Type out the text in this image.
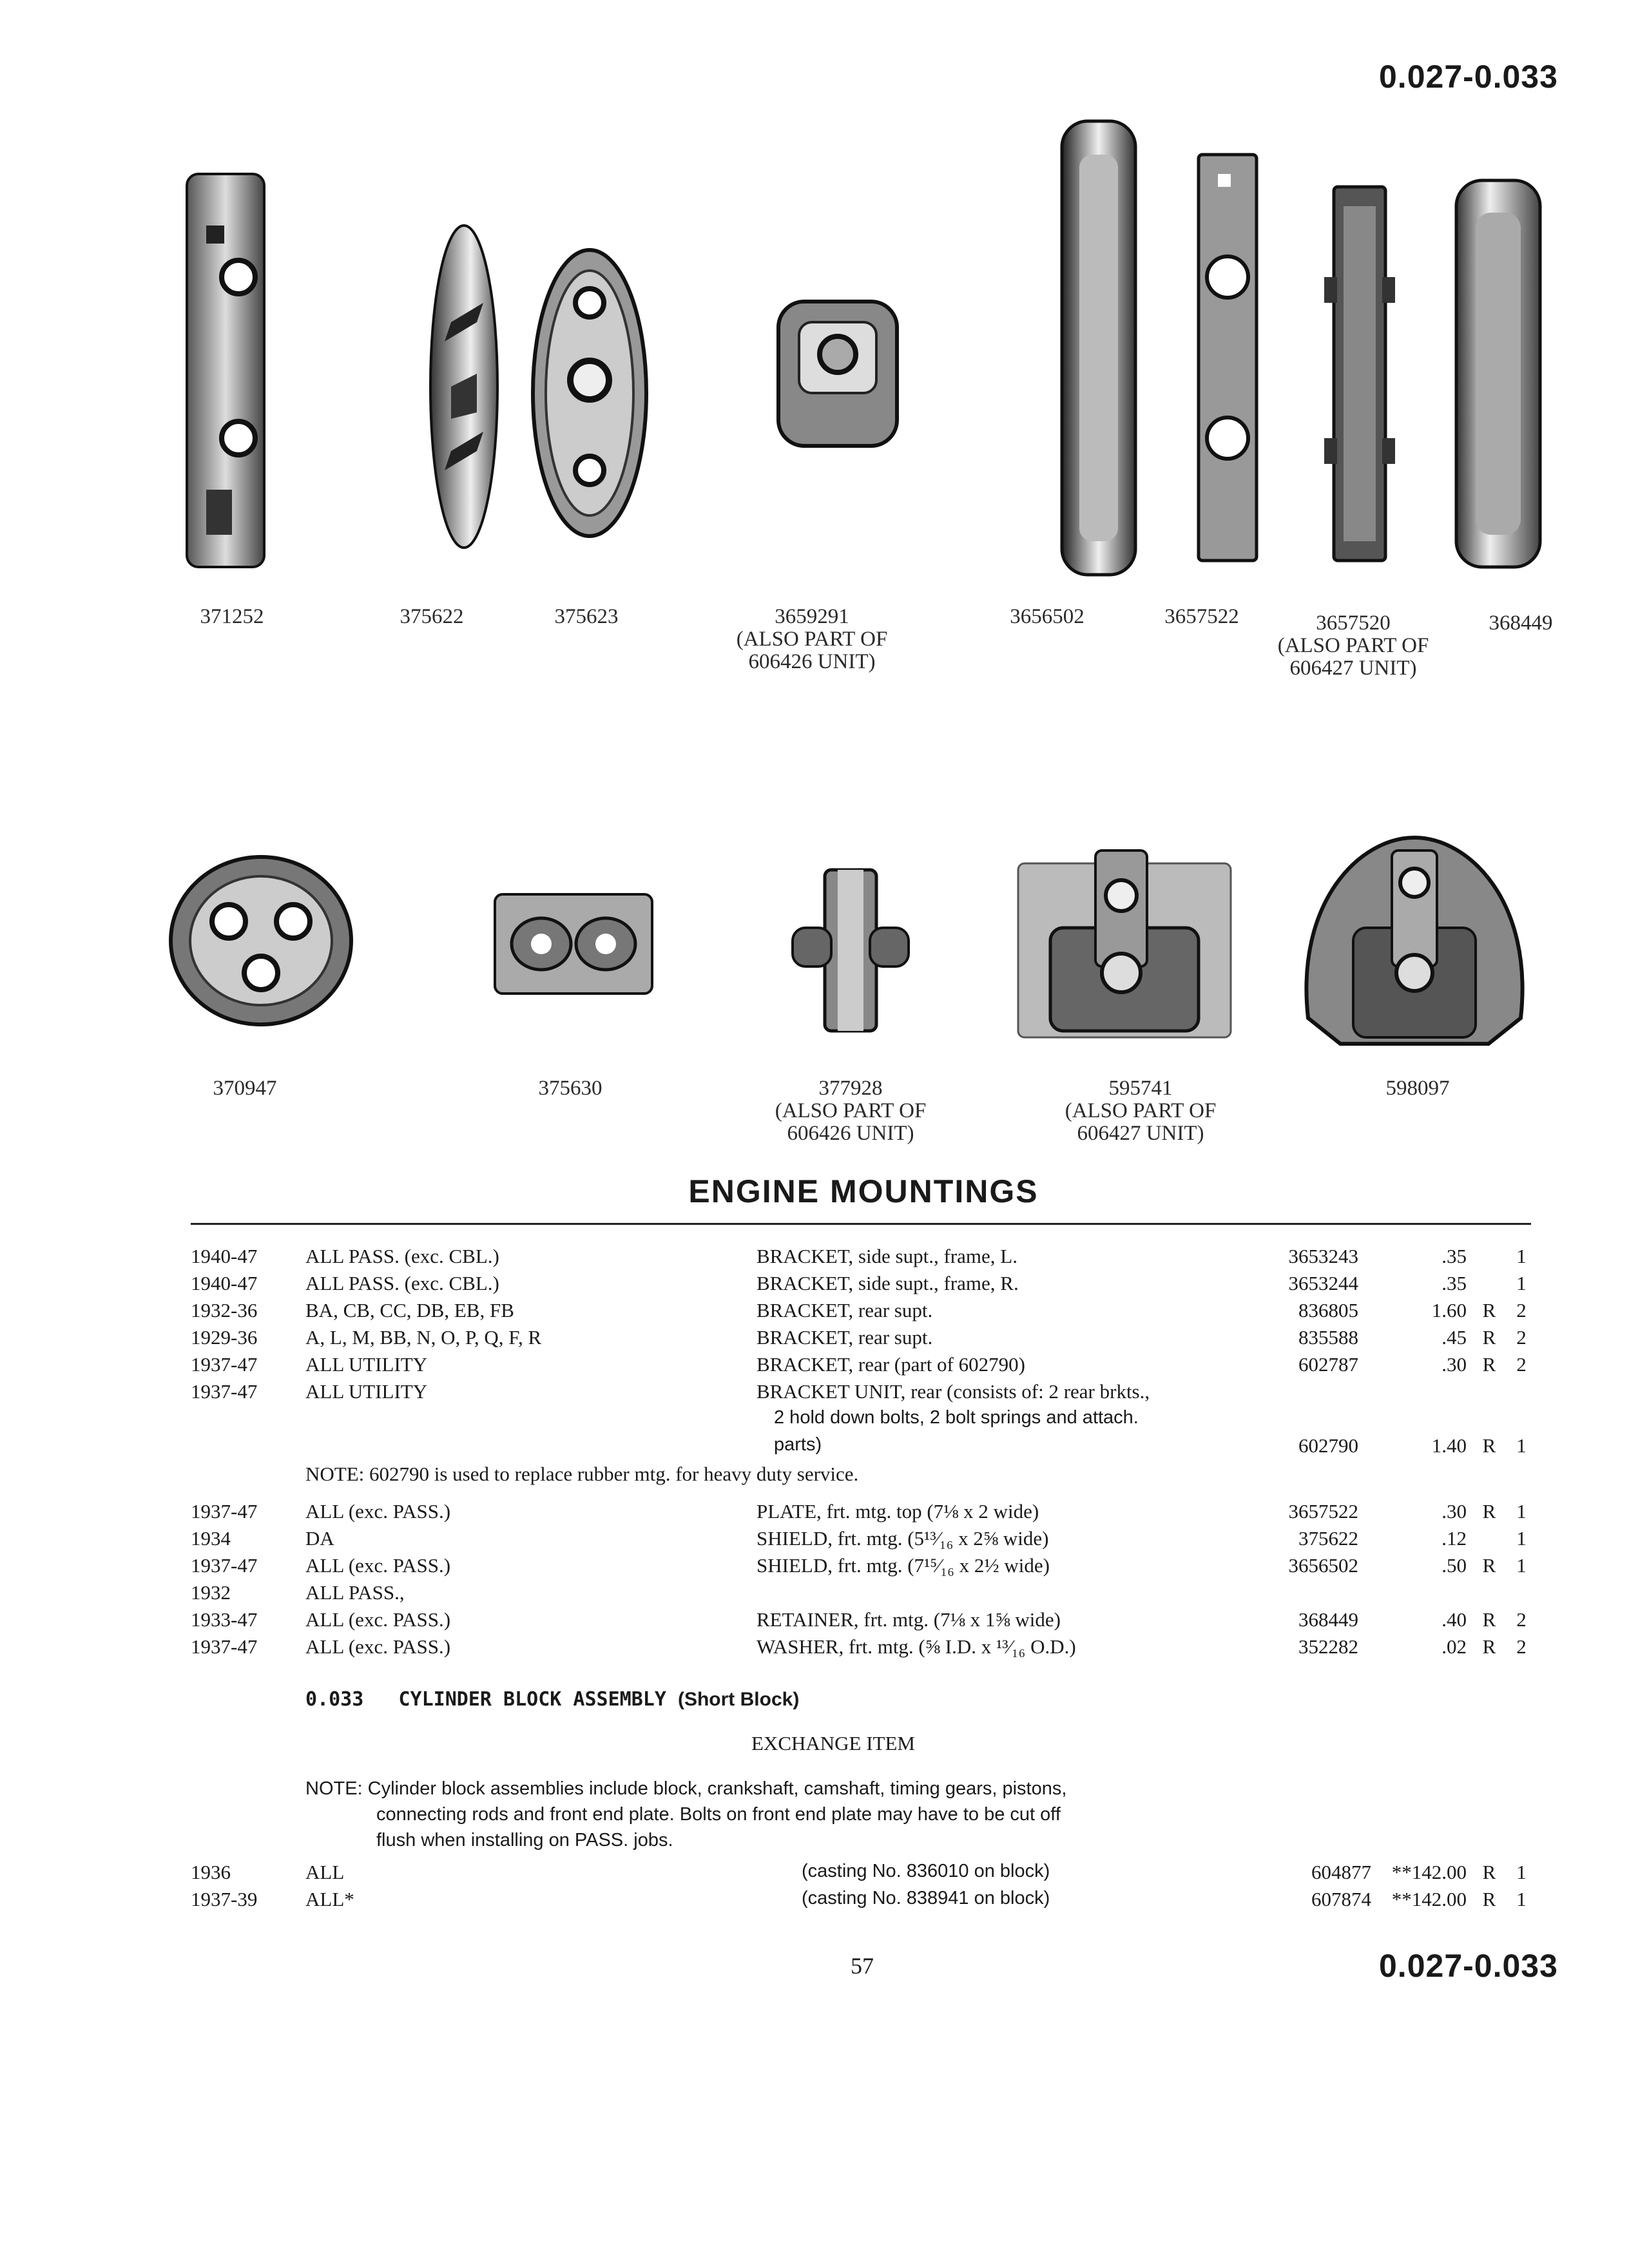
0.027-0.033
371252	375622	375623	3659291
(ALSO PART OF
606426 UNIT)
3656502	3657522	3657520
(ALSO PART OF
606427 UNIT)
368449
370947	375630	377928
(ALSO PART OF
606426 UNIT)
595741
(ALSO PART OF
606427 UNIT)
598097
ENGINE MOUNTINGS
1940-47 ALL PASS. (exc. CBL.)	BRACKET, side supt., frame, L.	3653243	.35 1
1940-47 ALL PASS. (exc. CBL.)	BRACKET, side supt., frame, R.	3653244	.35 1
1932-36 BA, CB, CC, DB, EB, FB	BRACKET, rear supt.	836805	1.60 R 2
1929-36 A, L, M, BB, N, O, P, Q, F, R	BRACKET, rear supt.	835588	.45 R 2
1937-47 ALL UTILITY	BRACKET, rear (part of 602790)	602787	.30 R 2
1937-47 ALL UTILITY	BRACKET UNIT, rear (consists of: 2 rear brkts.,
2 hold down bolts, 2 bolt springs and attach.
parts)	602790	1.40 R 1
NOTE: 602790 is used to replace rubber mtg. for heavy duty service.
1937-47 ALL (exc. PASS.)	PLATE, frt. mtg. top (7⅛ x 2 wide)	3657522	.30 R 1
1934	DA	SHIELD, frt. mtg. (5¹³⁄₁₆ x 2⅝ wide)	375622	.12 1
1937-47 ALL (exc. PASS.)	SHIELD, frt. mtg. (7¹⁵⁄₁₆ x 2½ wide)	3656502	.50 R 1
1932	ALL PASS.,
1933-47 ALL (exc. PASS.)	RETAINER, frt. mtg. (7⅛ x 1⅝ wide)	368449	.40 R 2
1937-47 ALL (exc. PASS.)	WASHER, frt. mtg. (⅝ I.D. x ¹³⁄₁₆ O.D.)	352282	.02 R 2
0.033 CYLINDER BLOCK ASSEMBLY (Short Block)
EXCHANGE ITEM
NOTE: Cylinder block assemblies include block, crankshaft, camshaft, timing gears, pistons,
connecting rods and front end plate. Bolts on front end plate may have to be cut off
flush when installing on PASS. jobs.
1936	ALL	(casting No. 836010 on block)	604877	**142.00 R 1
1937-39 ALL*	(casting No. 838941 on block)	607874	**142.00 R 1
57	0.027-0.033
